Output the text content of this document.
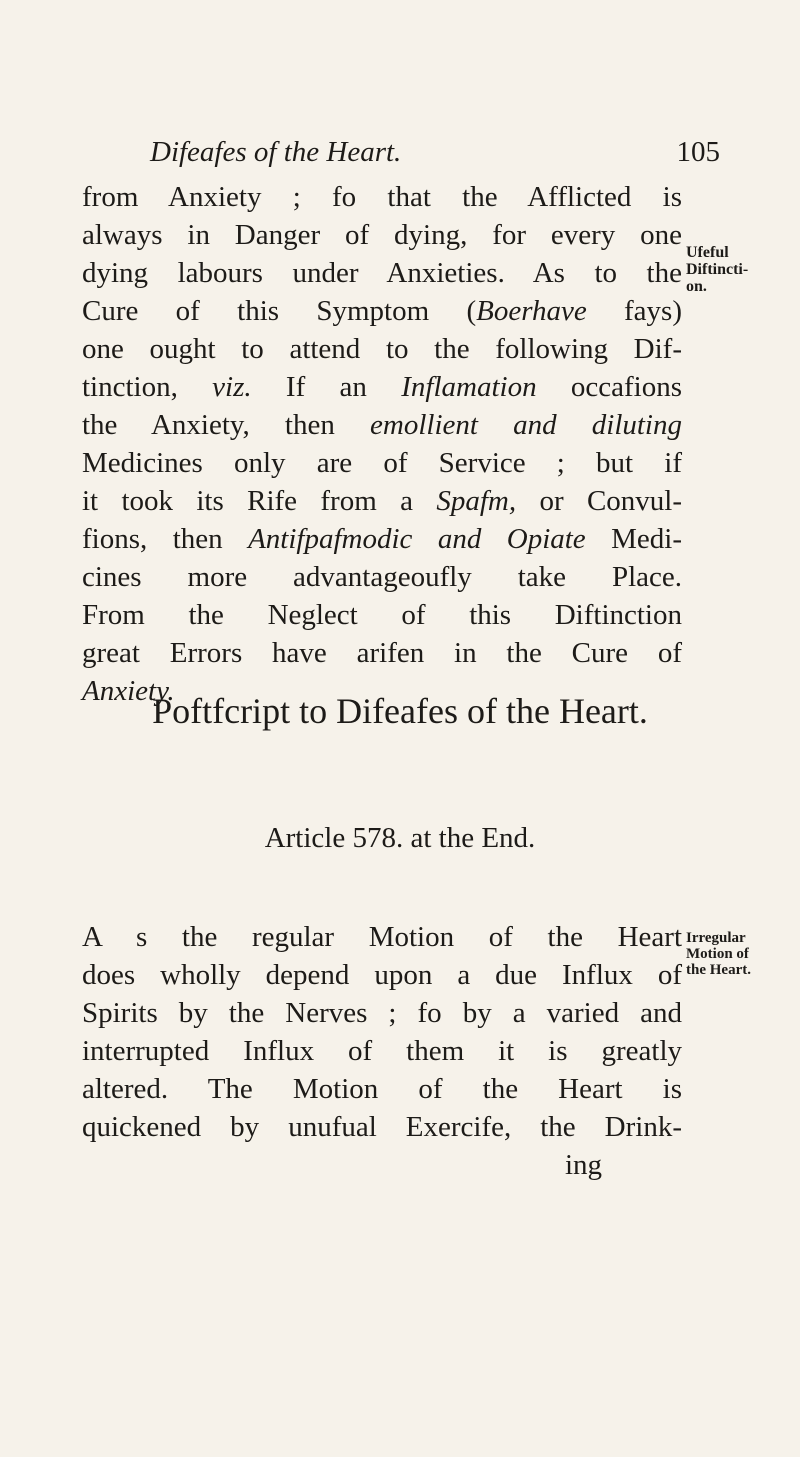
Difeafes of the Heart.	105
from Anxiety ; fo that the Afflicted is
always in Danger of dying, for every one
dying labours under Anxieties. As to the
Cure of this Symptom (Boerhave fays)
one ought to attend to the following Dif-
tinction, viz. If an Inflamation occafions
the Anxiety, then emollient and diluting
Medicines only are of Service ; but if
it took its Rife from a Spafm, or Convul-
fions, then Antifpafmodic and Opiate Medi-
cines more advantageoufly take Place.
From the Neglect of this Diftinction
great Errors have arifen in the Cure of
Anxiety.
Ufeful
Diftincti-
on.
Poftfcript to Difeafes of the Heart.
Article 578. at the End.
A s the regular Motion of the Heart
does wholly depend upon a due Influx of
Spirits by the Nerves ; fo by a varied and
interrupted Influx of them it is greatly
altered. The Motion of the Heart is
quickened by unufual Exercife, the Drink-
ing
Irregular
Motion of
the Heart.
